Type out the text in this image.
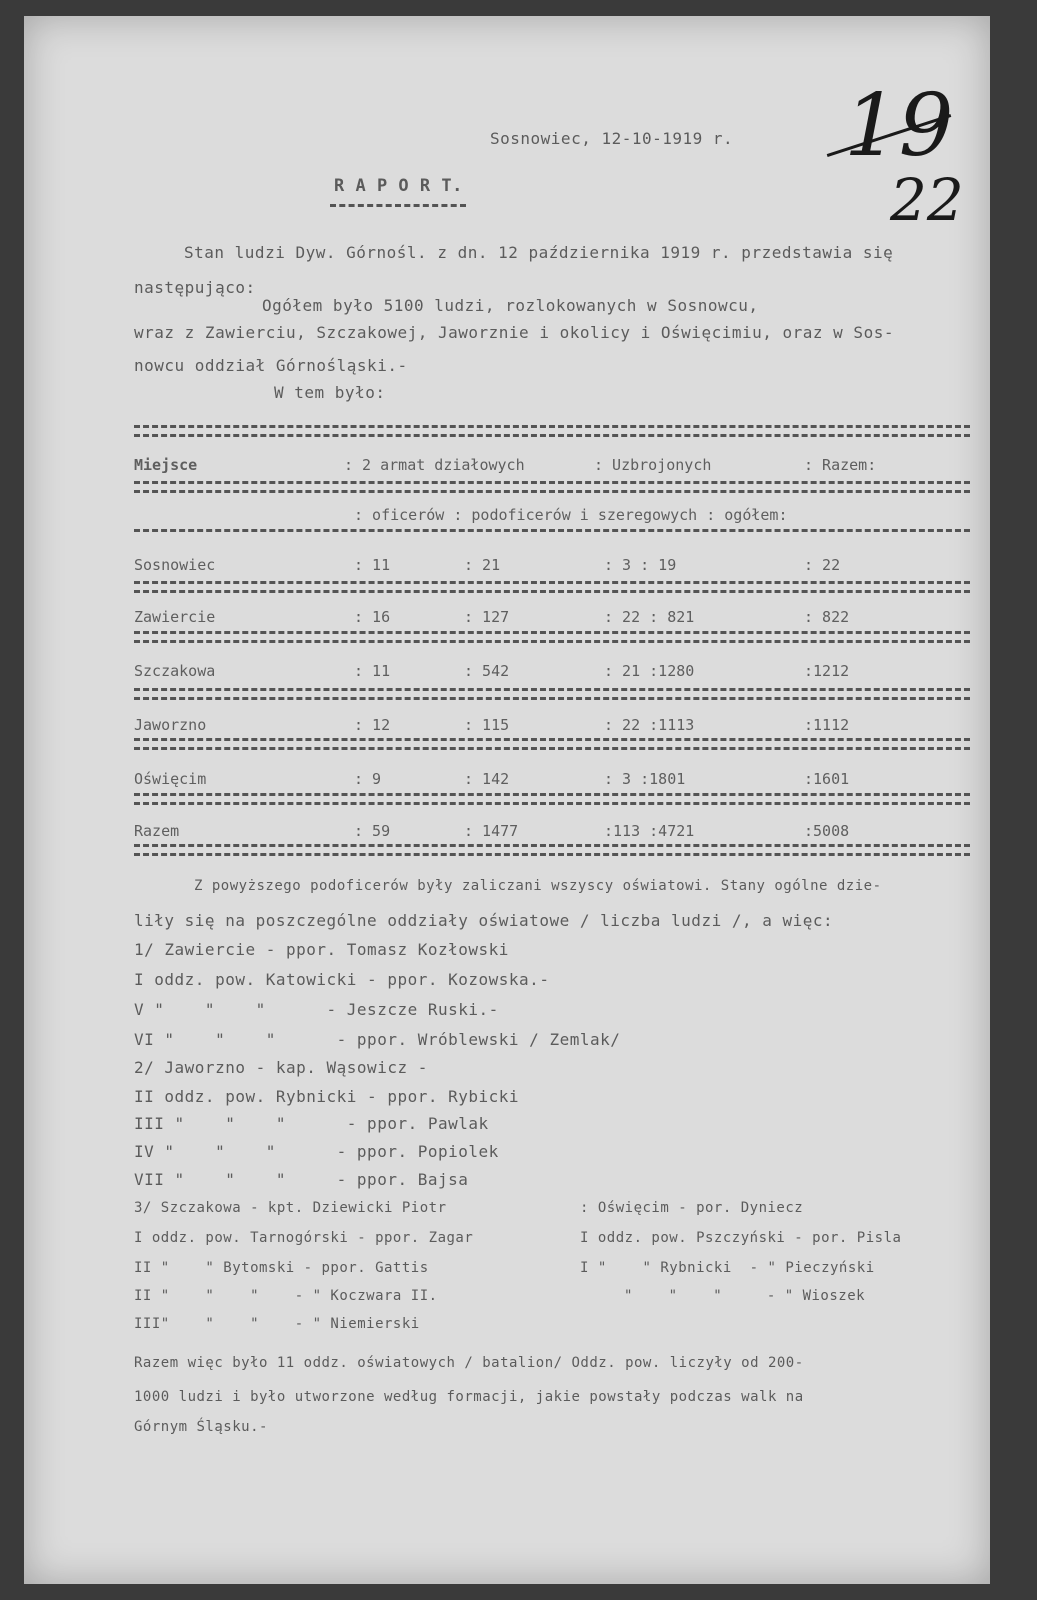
19
22
Sosnowiec, 12-10-1919 r.
R A P O R T.
Stan ludzi Dyw. Górnośl. z dn. 12 października 1919 r. przedstawia się
następująco:
Ogółem było 5100 ludzi, rozlokowanych w Sosnowcu,
wraz z Zawierciu, Szczakowej, Jaworznie i okolicy i Oświęcimiu, oraz w Sos-
nowcu oddział Górnośląski.-
W tem było:
Miejsce	: 2 armat działowych	: Uzbrojonych	: Razem:
: oficerów : podoficerów i szeregowych : ogółem:
Sosnowiec	: 11	: 21	: 3 : 19	: 22
Zawiercie	: 16	: 127	: 22 : 821	: 822
Szczakowa	: 11	: 542	: 21 :1280	:1212
Jaworzno	: 12	: 115	: 22 :1113	:1112
Oświęcim	: 9	: 142	: 3 :1801	:1601
Razem	: 59	: 1477	:113 :4721	:5008
Z powyższego podoficerów były zaliczani wszyscy oświatowi. Stany ogólne dzie-
liły się na poszczególne oddziały oświatowe / liczba ludzi /, a więc:
1/ Zawiercie - ppor. Tomasz Kozłowski
I oddz. pow. Katowicki - ppor. Kozowska.-
V "    "    "      - Jeszcze Ruski.-
VI "    "    "      - ppor. Wróblewski / Zemlak/
2/ Jaworzno - kap. Wąsowicz -
II oddz. pow. Rybnicki - ppor. Rybicki
III "    "    "      - ppor. Pawlak
IV "    "    "      - ppor. Popiolek
VII "    "    "     - ppor. Bajsa
3/ Szczakowa - kpt. Dziewicki Piotr
I oddz. pow. Tarnogórski - ppor. Zagar
II "    " Bytomski - ppor. Gattis
II "    "    "    - " Koczwara II.
III"    "    "    - " Niemierski
: Oświęcim - por. Dyniecz
I oddz. pow. Pszczyński - por. Pisla
I "    " Rybnicki  - " Pieczyński
"    "    "     - " Wioszek
Razem więc było 11 oddz. oświatowych / batalion/ Oddz. pow. liczyły od 200-
1000 ludzi i było utworzone według formacji, jakie powstały podczas walk na
Górnym Śląsku.-
